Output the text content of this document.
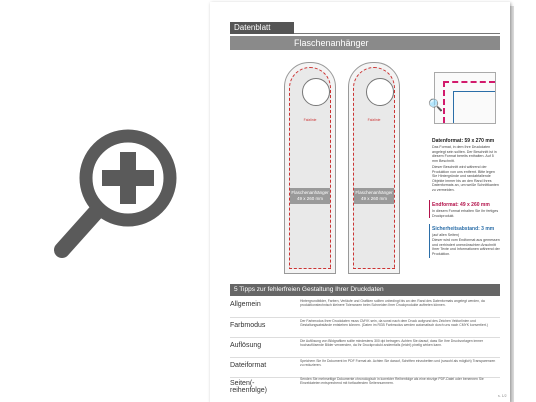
Datenblatt
Flaschenanhänger
Falzlinie
Flaschenanhänger
49 x 260 mm
Falzlinie
Flaschenanhänger
49 x 260 mm
🔍
Datenformat: 59 x 270 mm
Das Format, in dem Ihre Druckdaten angelegt sein sollten. Der Beschnitt ist in diesem Format bereits enthalten. Auf 5 mm Beschnitt.
Dieser Beschnitt wird während der Produktion von uns entfernt. Bitte legen Sie Hintergründe und randabfallende Objekte immer bis an den Rand Ihres Datenformats an, um weiße Schnittkanten zu vermeiden.
Endformat: 49 x 260 mm
In diesem Format erhalten Sie Ihr fertiges Druckprodukt.
Sicherheitsabstand: 3 mm
(auf allen Seiten)
Dieser wird vom Endformat aus gemessen und verhindert unerwünschten Anschnitt Ihrer Texte und Informationen während der Produktion.
5 Tipps zur fehlerfreien Gestaltung Ihrer Druckdaten
Allgemein	Hintergrundbilder, Farben, Verläufe und Grafiken sollten unbedingt bis an den Rand des Datenformats angelegt werden, da produktionstechnisch kleinere Toleranzen beim Schneiden Ihrer Druckprodukte auftreten können.
Farbmodus
Der Farbmodus Ihrer Druckdaten muss CMYK sein, da sonst nach dem Druck aufgrund des Zeichen Vektorlinien und Gestaltungsabstände entstehen können. (Daten im RGB Farbmodus werden automatisch durch uns nach CMYK konvertiert.)
Auflösung
Die Auflösung von Bildgrafiken sollte mindestens 300 dpi betragen. Achten Sie darauf, dass Sie Ihre Druckvorlagen immer hochauflösende Bilder verwenden, da Ihr Druckprodukt andernfalls (leicht) pixelig wirken kann.
Dateiformat
Speichern Sie Ihr Dokument im PDF Format ab. Achten Sie darauf, Schriften einzubetten und (sowohl als möglich) Transparenzen zu reduzieren.
Seiten(-reihenfolge)
Senden Sie mehrseitige Dokumente chronologisch in korrekter Reihenfolge als eine einzige PDF-Datei oder benennen Sie Einzeldateien entsprechend mit fortlaufenden Seitennummern.
s. 1/2
